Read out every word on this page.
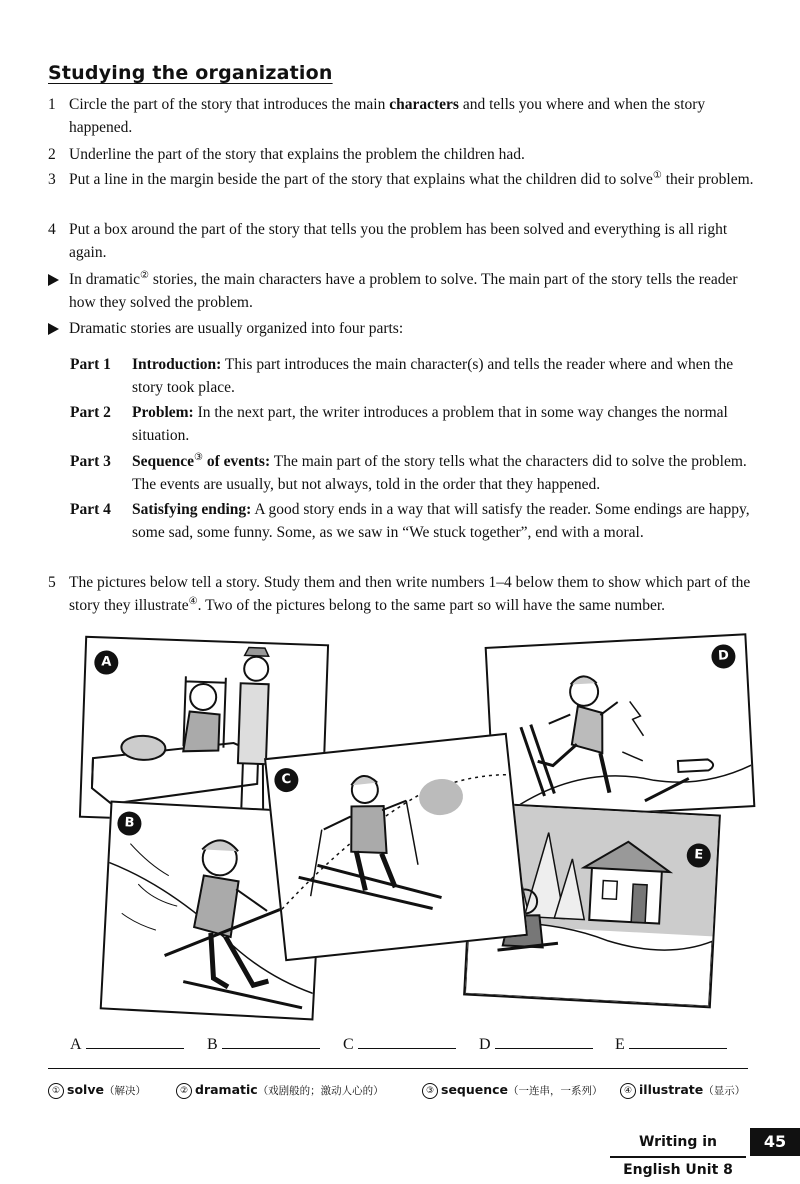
Studying the organization
1 Circle the part of the story that introduces the main characters and tells you where and when the story happened.
2 Underline the part of the story that explains the problem the children had.
3 Put a line in the margin beside the part of the story that explains what the children did to solve① their problem.
4 Put a box around the part of the story that tells you the problem has been solved and everything is all right again.
In dramatic② stories, the main characters have a problem to solve. The main part of the story tells the reader how they solved the problem.
Dramatic stories are usually organized into four parts:
Part 1 Introduction: This part introduces the main character(s) and tells the reader where and when the story took place.
Part 2 Problem: In the next part, the writer introduces a problem that in some way changes the normal situation.
Part 3 Sequence③ of events: The main part of the story tells what the characters did to solve the problem. The events are usually, but not always, told in the order that they happened.
Part 4 Satisfying ending: A good story ends in a way that will satisfy the reader. Some endings are happy, some sad, some funny. Some, as we saw in “We stuck together”, end with a moral.
5 The pictures below tell a story. Study them and then write numbers 1–4 below them to show which part of the story they illustrate④. Two of the pictures belong to the same part so will have the same number.
D
A
B
E
C
A	B	C	D	E
① solve（解决）	② dramatic（戏剧般的；激动人心的）	③ sequence（一连串，一系列）	④ illustrate（显示）
Writing in English Unit 8
45
